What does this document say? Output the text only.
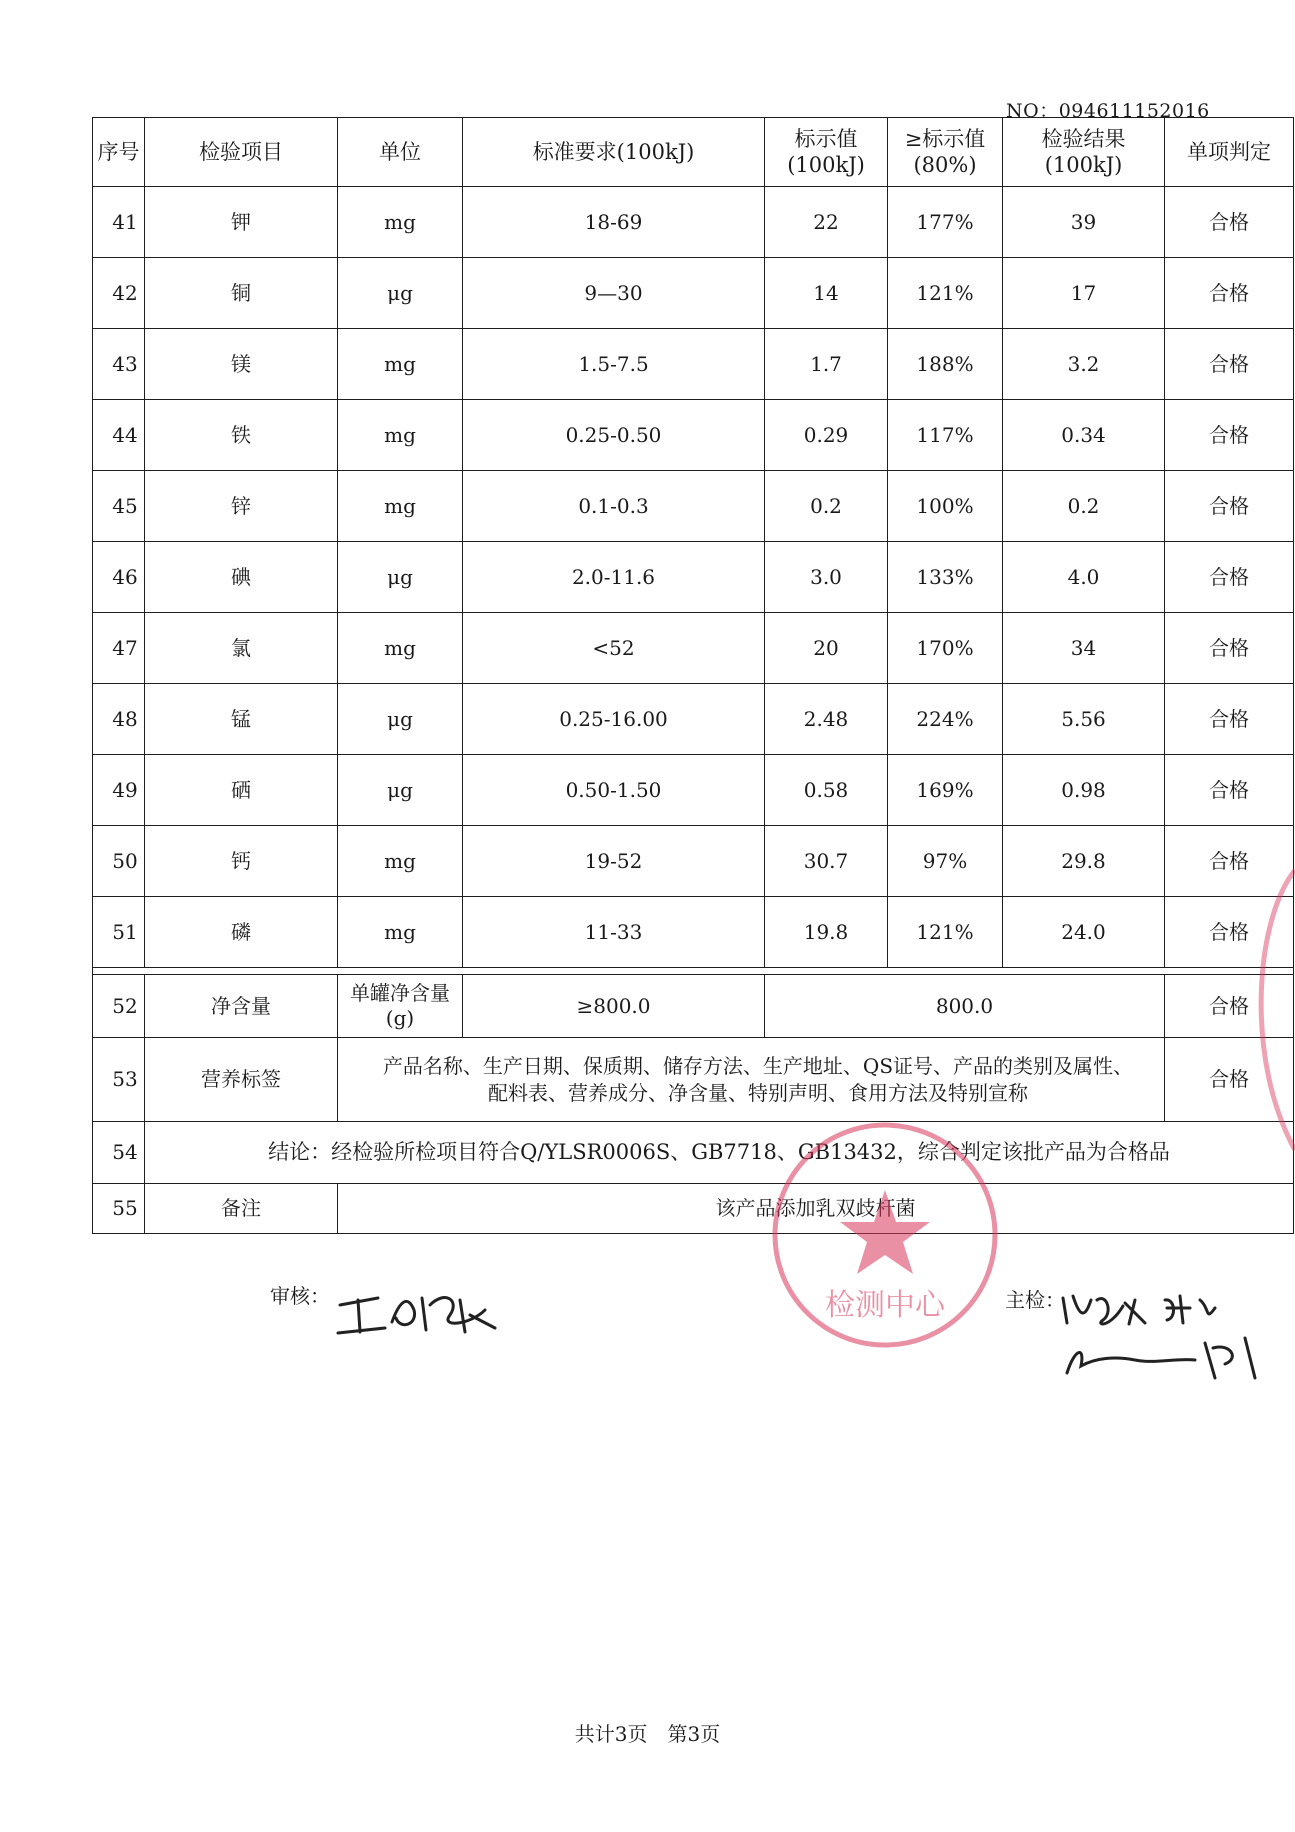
NO：094611152016
序号	检验项目	单位	标准要求(100kJ)	标示值
(100kJ)	≥标示值
(80%)	检验结果
(100kJ)	单项判定
41	钾	mg	18-69	22	177%	39	合格
42	铜	μg	9—30	14	121%	17	合格
43	镁	mg	1.5-7.5	1.7	188%	3.2	合格
44	铁	mg	0.25-0.50	0.29	117%	0.34	合格
45	锌	mg	0.1-0.3	0.2	100%	0.2	合格
46	碘	μg	2.0-11.6	3.0	133%	4.0	合格
47	氯	mg	<52	20	170%	34	合格
48	锰	μg	0.25-16.00	2.48	224%	5.56	合格
49	硒	μg	0.50-1.50	0.58	169%	0.98	合格
50	钙	mg	19-52	30.7	97%	29.8	合格
51	磷	mg	11-33	19.8	121%	24.0	合格

52	净含量	单罐净含量
(g)	≥800.0	800.0			合格
53	营养标签	产品名称、生产日期、保质期、储存方法、生产地址、QS证号、产品的类别及属性、
配料表、营养成分、净含量、特别声明、食用方法及特别宣称					合格
54	结论：经检验所检项目符合Q/YLSR0006S、GB7718、GB13432，综合判定该批产品为合格品						
55	备注	该产品添加乳双歧杆菌					
审核：	主检：
检测中心
共计3页　第3页
